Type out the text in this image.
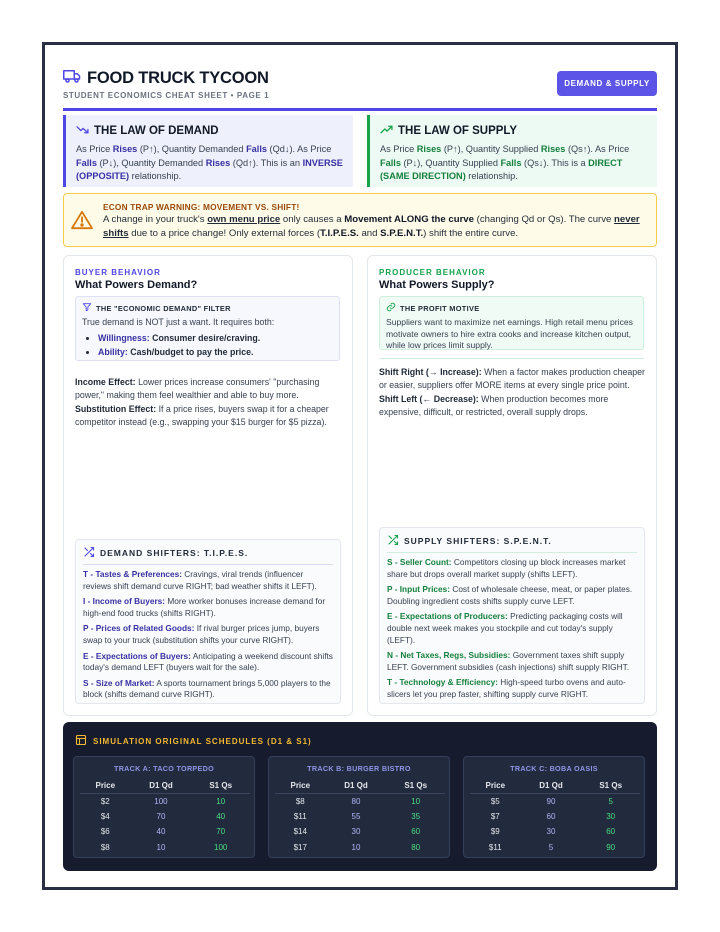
FOOD TRUCK TYCOON
STUDENT ECONOMICS CHEAT SHEET • PAGE 1
DEMAND & SUPPLY
THE LAW OF DEMAND

As Price Rises (P↑), Quantity Demanded Falls (Qd↓). As Price Falls (P↓), Quantity Demanded Rises (Qd↑). This is an INVERSE (OPPOSITE) relationship.

THE LAW OF SUPPLY

As Price Rises (P↑), Quantity Supplied Rises (Qs↑). As Price Falls (P↓), Quantity Supplied Falls (Qs↓). This is a DIRECT (SAME DIRECTION) relationship.

ECON TRAP WARNING: MOVEMENT VS. SHIFT!
A change in your truck's own menu price only causes a Movement ALONG the curve (changing Qd or Qs). The curve never shifts due to a price change! Only external forces (T.I.P.E.S. and S.P.E.N.T.) shift the entire curve.
BUYER BEHAVIOR
What Powers Demand?
THE "ECONOMIC DEMAND" FILTER
True demand is NOT just a want. It requires both:
• Willingness: Consumer desire/craving.
• Ability: Cash/budget to pay the price.
Income Effect: Lower prices increase consumers' "purchasing power," making them feel wealthier and able to buy more.
Substitution Effect: If a price rises, buyers swap it for a cheaper competitor instead (e.g., swapping your $15 burger for $5 pizza).
DEMAND SHIFTERS: T.I.P.E.S.
T - Tastes & Preferences: Cravings, viral trends (influencer reviews shift demand curve RIGHT; bad weather shifts it LEFT).
I - Income of Buyers: More worker bonuses increase demand for high-end food trucks (shifts RIGHT).
P - Prices of Related Goods: If rival burger prices jump, buyers swap to your truck (substitution shifts your curve RIGHT).
E - Expectations of Buyers: Anticipating a weekend discount shifts today's demand LEFT (buyers wait for the sale).
S - Size of Market: A sports tournament brings 5,000 players to the block (shifts demand curve RIGHT).
PRODUCER BEHAVIOR
What Powers Supply?
THE PROFIT MOTIVE

Suppliers want to maximize net earnings. High retail menu prices motivate owners to hire extra cooks and increase kitchen output, while low prices limit supply.

Shift Right (→ Increase): When a factor makes production cheaper or easier, suppliers offer MORE items at every single price point.
Shift Left (← Decrease): When production becomes more expensive, difficult, or restricted, overall supply drops.
SUPPLY SHIFTERS: S.P.E.N.T.
S - Seller Count: Competitors closing up block increases market share but drops overall market supply (shifts LEFT).
P - Input Prices: Cost of wholesale cheese, meat, or paper plates. Doubling ingredient costs shifts supply curve LEFT.
E - Expectations of Producers: Predicting packaging costs will double next week makes you stockpile and cut today's supply (LEFT).
N - Net Taxes, Regs, Subsidies: Government taxes shift supply LEFT. Government subsidies (cash injections) shift supply RIGHT.
T - Technology & Efficiency: High-speed turbo ovens and auto-slicers let you prep faster, shifting supply curve RIGHT.
SIMULATION ORIGINAL SCHEDULES (D1 & S1)
TRACK A: TACO TORPEDO
Price	D1 Qd	S1 Qs
$2	100	10
$4	70	40
$6	40	70
$8	10	100
TRACK B: BURGER BISTRO
Price	D1 Qd	S1 Qs
$8	80	10
$11	55	35
$14	30	60
$17	10	80
TRACK C: BOBA OASIS
Price	D1 Qd	S1 Qs
$5	90	5
$7	60	30
$9	30	60
$11	5	90
